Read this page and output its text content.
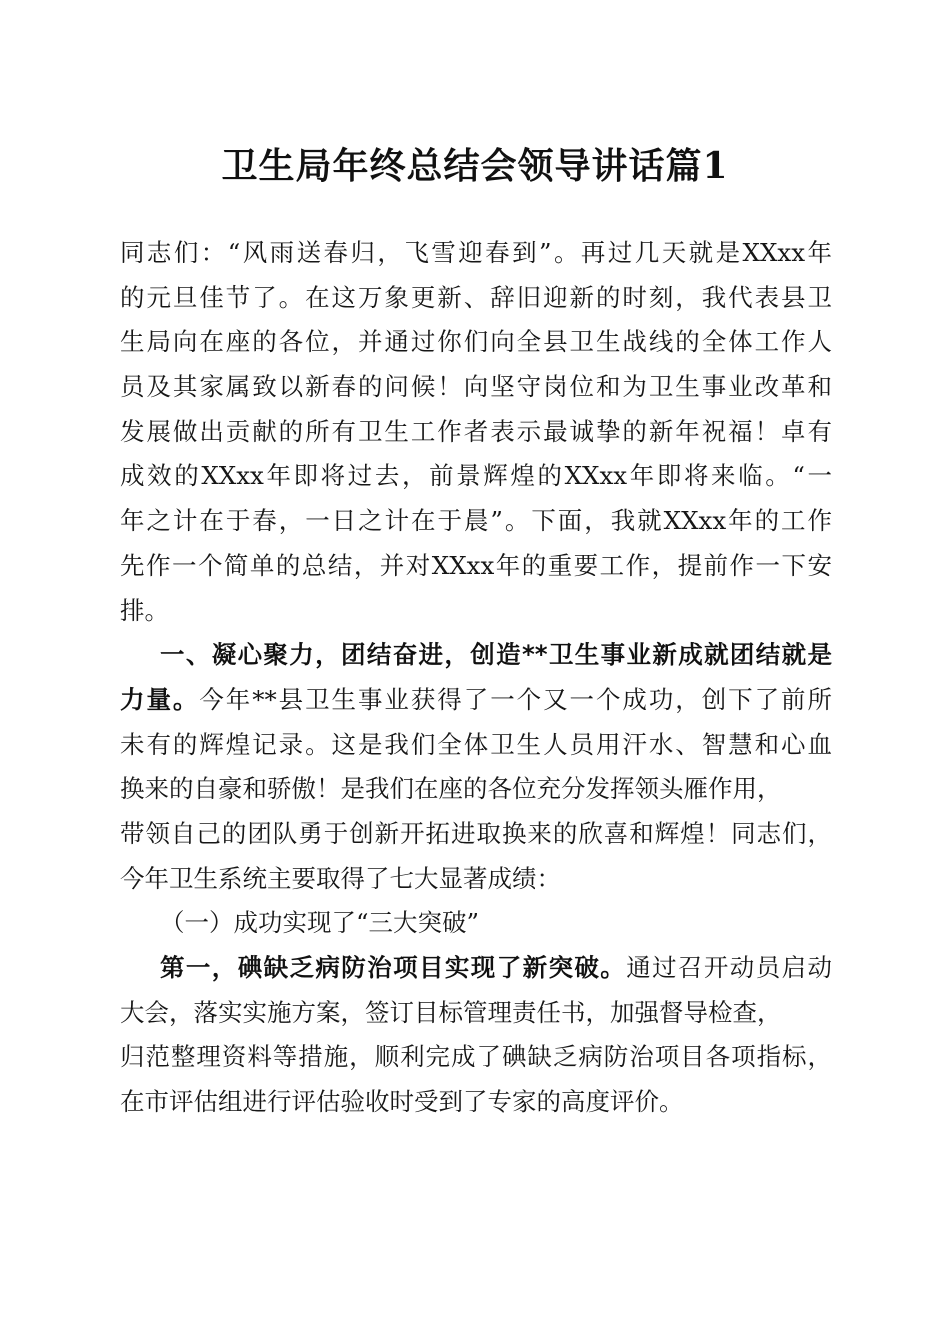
卫生局年终总结会领导讲话篇1
同志们：“风雨送春归，飞雪迎春到”。再过几天就是XXxx年
的元旦佳节了。在这万象更新、辞旧迎新的时刻，我代表县卫
生局向在座的各位，并通过你们向全县卫生战线的全体工作人
员及其家属致以新春的问候！向坚守岗位和为卫生事业改革和
发展做出贡献的所有卫生工作者表示最诚挚的新年祝福！卓有
成效的XXxx年即将过去，前景辉煌的XXxx年即将来临。“一
年之计在于春，一日之计在于晨”。下面，我就XXxx年的工作
先作一个简单的总结，并对XXxx年的重要工作，提前作一下安
排。
一、凝心聚力，团结奋进，创造**卫生事业新成就团结就是
力量。今年**县卫生事业获得了一个又一个成功，创下了前所
未有的辉煌记录。这是我们全体卫生人员用汗水、智慧和心血
换来的自豪和骄傲！是我们在座的各位充分发挥领头雁作用，
带领自己的团队勇于创新开拓进取换来的欣喜和辉煌！同志们，
今年卫生系统主要取得了七大显著成绩：
（一）成功实现了“三大突破”
第一，碘缺乏病防治项目实现了新突破。通过召开动员启动
大会，落实实施方案，签订目标管理责任书，加强督导检查，
归范整理资料等措施，顺利完成了碘缺乏病防治项目各项指标，
在市评估组进行评估验收时受到了专家的高度评价。
